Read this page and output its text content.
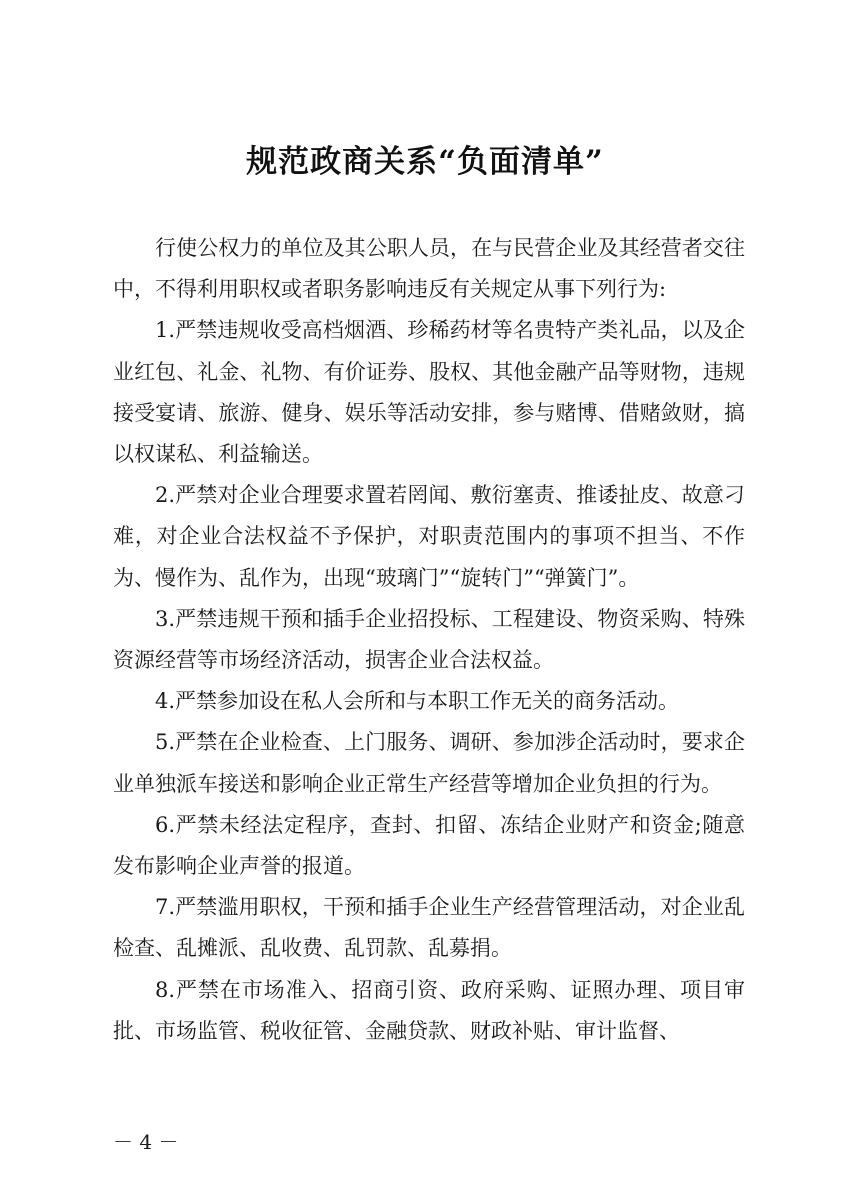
规范政商关系“负面清单”

行使公权力的单位及其公职人员，在与民营企业及其经营者交往中，不得利用职权或者职务影响违反有关规定从事下列行为:

1.严禁违规收受高档烟酒、珍稀药材等名贵特产类礼品，以及企业红包、礼金、礼物、有价证券、股权、其他金融产品等财物，违规接受宴请、旅游、健身、娱乐等活动安排，参与赌博、借赌敛财，搞以权谋私、利益输送。

2.严禁对企业合理要求置若罔闻、敷衍塞责、推诿扯皮、故意刁难，对企业合法权益不予保护，对职责范围内的事项不担当、不作为、慢作为、乱作为，出现“玻璃门”“旋转门”“弹簧门”。

3.严禁违规干预和插手企业招投标、工程建设、物资采购、特殊资源经营等市场经济活动，损害企业合法权益。

4.严禁参加设在私人会所和与本职工作无关的商务活动。

5.严禁在企业检查、上门服务、调研、参加涉企活动时，要求企业单独派车接送和影响企业正常生产经营等增加企业负担的行为。

6.严禁未经法定程序，查封、扣留、冻结企业财产和资金;随意发布影响企业声誉的报道。

7.严禁滥用职权，干预和插手企业生产经营管理活动，对企业乱检查、乱摊派、乱收费、乱罚款、乱募捐。

8.严禁在市场准入、招商引资、政府采购、证照办理、项目审批、市场监管、税收征管、金融贷款、财政补贴、审计监督、

－ 4 －
